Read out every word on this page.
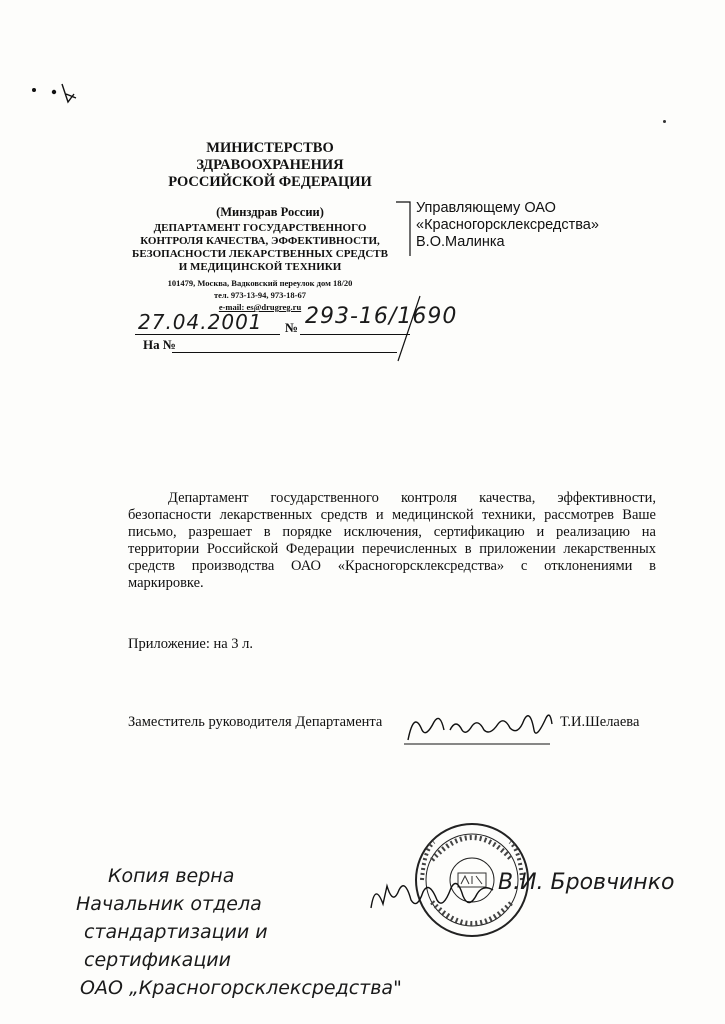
МИНИСТЕРСТВО
ЗДРАВООХРАНЕНИЯ
РОССИЙСКОЙ ФЕДЕРАЦИИ
(Минздрав России)
ДЕПАРТАМЕНТ ГОСУДАРСТВЕННОГО
КОНТРОЛЯ КАЧЕСТВА, ЭФФЕКТИВНОСТИ,
БЕЗОПАСНОСТИ ЛЕКАРСТВЕННЫХ СРЕДСТВ
И МЕДИЦИНСКОЙ ТЕХНИКИ
101479, Москва, Вадковский переулок дом 18/20
тел. 973-13-94, 973-18-67
e-mail: es@drugreg.ru
27.04.2001 № 293-16/1690
На №
Управляющему ОАО
«Красногорсклексредства»
В.О.Малинка
Департамент государственного контроля качества, эффективности, безопасности лекарственных средств и медицинской техники, рассмотрев Ваше письмо, разрешает в порядке исключения, сертификацию и реализацию на территории Российской Федерации перечисленных в приложении лекарственных средств производства ОАО «Красногорсклексредства» с отклонениями в маркировке.
Приложение: на 3 л.
Заместитель руководителя Департамента	Т.И.Шелаева
Копия верна
Начальник отдела
стандартизации и
сертификации
ОАО „Красногорсклексредства"
В.И. Бровчинко
